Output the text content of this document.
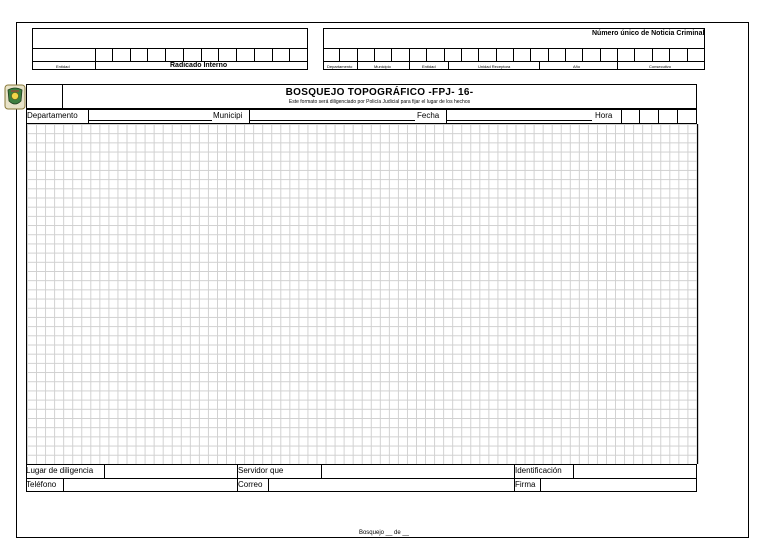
Entidad	Radicado Interno
Número único de Noticia Criminal
Departamento	Municipio	Entidad	Unidad Receptora	Año	Consecutivo
BOSQUEJO TOPOGRÁFICO -FPJ- 16-
Este formato será diligenciado por Policía Judicial para fijar el lugar de los hechos
Departamento	Municipi	Fecha	Hora
Lugar de diligencia	Servidor que	Identificación
Teléfono	Correo	Firma
Bosquejo __ de __
